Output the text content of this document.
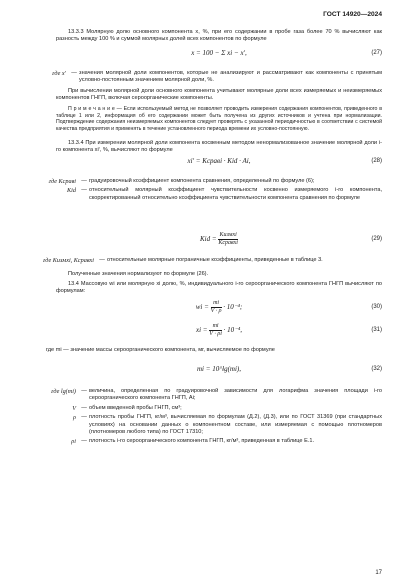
ГОСТ 14920—2024
13.3.3 Молярную долю основного компонента x, %, при его содержании в пробе газа более 70 % вычисляют как разность между 100 % и суммой молярных долей всех компонентов по формуле
x = 100 − Σ xi − xʹ,	(27)
где xʹ — значения молярной доли компонентов, которые не анализируют и рассматривают как компоненты с принятым условно-постоянным значением молярной доли, %.
При вычислении молярной доли основного компонента учитывают молярные доли всех измеряемых и неизмеряемых компонентов ГНГП, включая сероорганические компоненты.
П р и м е ч а н и е — Если используемый метод не позволяет проводить измерения содержания компонентов, приведенного в таблице 1 или 2, информация об его содержании может быть получена из других источников и учтена при нормализации. Подтверждение содержания неизмеряемых компонентов следует проверять с указанной периодичностью в соответствии с системой качества предприятия и применять в течение установленного периода времени их условно-постоянную.
13.3.4 При измерении молярной доли компонента косвенным методом ненормализованное значение молярной доли i-го компонента xiʹ, %, вычисляют по формуле
xiʹ = Kсравi · Kid · Ai,	(28)
где Kсравi — градуировочный коэффициент компонента сравнения, определенный по формуле (6);
Kid — относительный молярный коэффициент чувствительности косвенно измеряемого i-го компонента, скорректированный относительно коэффициента чувствительности компонента сравнения по формуле
Kid = $\frac{\text{Kизмxi}}{\text{Kсравxi}}$	(29)
где Kизмxi, Kсравxi — относительные молярные пограничные коэффициенты, приведенные в таблице 3.
Полученные значения нормализуют по формуле (26).
13.4 Массовую wi или молярную xi долю, %, индивидуального i-го сероорганического компонента ГНГП вычисляют по формулам:
wi = $\frac{mi}{V \cdot \rho} \cdot 10^{-4}$;	(30)
xi = $\frac{mi}{V \cdot \rho i} \cdot 10^{-4}$,	(31)
где mi — значение массы сероорганического компонента, мг, вычисляемое по формуле
mi = 10^lg(mi),	(32)
где lg(mi) — величина, определенная по градуировочной зависимости для логарифма значения площади i-го сероорганического компонента ГНГП, Ai;
V — объем введенной пробы ГНГП, см³;
ρ — плотность пробы ГНГП, кг/м³, вычисляемая по формулам (Д.2), (Д.3), или по ГОСТ 31369 (при стандартных условиях) на основании данных о компонентном составе, или измеряемая с помощью плотномеров (плотномеров любого типа) по ГОСТ 17310;
ρi — плотность i-го сероорганического компонента ГНГП, кг/м³, приведенная в таблице Е.1.
17
